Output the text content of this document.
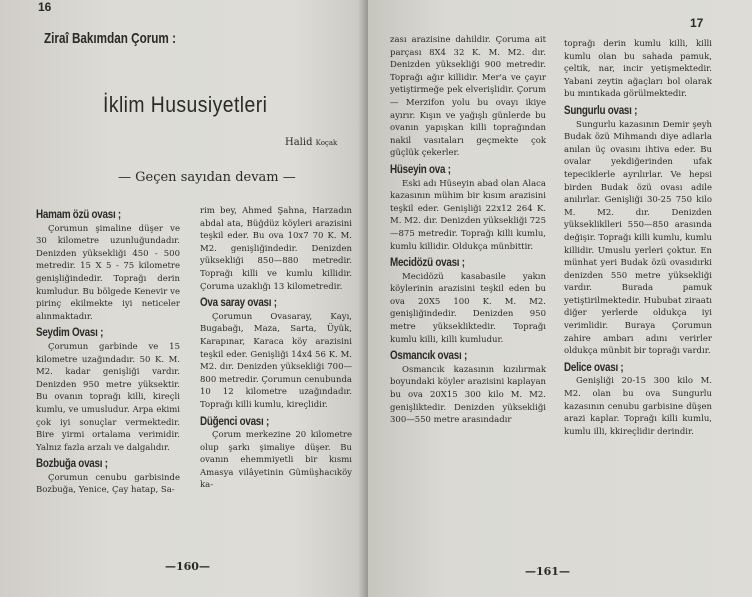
16
Ziraî Bakımdan Çorum :
İklim Hususiyetleri
Halid Koçak
— Geçen sayıdan devam —
Hamam özü ovası ;

Çorumun şimaline düşer ve 30 kilometre uzunluğundadır. Denizden yüksekliği 450 - 500 metredir. 15 X 5 - 75 kilometre genişliğindedir. Toprağı derin kumludur. Bu bölgede Kenevir ve pirinç ekilmekte iyi neticeler alınmaktadır.

Seydim Ovası ;

Çorumun garbinde ve 15 kilometre uzağındadır. 50 K. M. M2. kadar genişliği vardır. Denizden 950 metre yüksektir. Bu ovanın toprağı killi, kireçli kumlu, ve umusludur. Arpa ekimi çok iyi sonuçlar vermektedir. Bire yirmi ortalama verimidir. Yalnız fazla arzalı ve dalgalıdır.

Bozbuğa ovası ;

Çorumun cenubu garbisinde Bozbuğa, Yenice, Çay hatap, Sa-

rim bey, Ahmed Şahna, Harzadın abdal ata, Büğdüz köyleri arazisini teşkil eder. Bu ova 10x7 70 K. M. M2. genişliğindedir. Denizden yüksekliği 850—880 metredir. Toprağı killi ve kumlu killidir. Çoruma uzaklığı 13 kilometredir.

Ova saray ovası ;

Çorumun Ovasaray, Kayı, Bugabağı, Maza, Sarta, Üyük, Karapınar, Karaca köy arazisini teşkil eder. Genişliği 14x4 56 K. M. M2. dır. Denizden yüksekliği 700—800 metredir. Çorumun cenubunda 10 12 kilometre uzağındadır. Toprağı killi kumlu, kireçlidir.

Düğenci ovası ;

Çorum merkezine 20 kilometre olup şarkı şimaliye düşer. Bu ovanın ehemmiyetli bir kısmı Amasya vilâyetinin Gümüşhacıköy ka-

—160—
17

zası arazisine dahildir. Çoruma ait parçası 8X4 32 K. M. M2. dır. Denizden yüksekliği 900 metredir. Toprağı ağır killidir. Mer'a ve çayır yetiştirmeğe pek elverişlidir. Çorum — Merzifon yolu bu ovayı ikiye ayırır. Kışın ve yağışlı günlerde bu ovanın yapışkan killi toprağından nakil vasıtaları geçmekte çok güçlük çekerler.

Hüseyin ova ;

Eski adı Hüseyin abad olan Alaca kazasının mühim bir kısım arazisini teşkil eder. Genişliği 22x12 264 K. M. M2. dır. Denizden yüksekliği 725—875 metredir. Toprağı killi kumlu, kumlu killidir. Oldukça münbittir.

Mecidözü ovası ;

Mecidözü kasabasile yakın köylerinin arazisini teşkil eden bu ova 20X5 100 K. M. M2. genişliğindedir. Denizden 950 metre yüksekliktedir. Toprağı kumlu killi, killi kumludur.

Osmancık ovası ;

Osmancık kazasının kızılırmak boyundaki köyler arazisini kaplayan bu ova 20X15 300 kilo M. M2. genişliktedir. Denizden yüksekliği 300—550 metre arasındadır

toprağı derin kumlu killi, killi kumlu olan bu sahada pamuk, çeltik, nar, incir yetişmektedir. Yabani zeytin ağaçları bol olarak bu mıntıkada görülmektedir.

Sungurlu ovası ;

Sungurlu kazasının Demir şeyh Budak özü Mihmandı diye adlarla anılan üç ovasını ihtiva eder. Bu ovalar yekdiğerinden ufak tepeciklerle ayrılırlar. Ve hepsi birden Budak özü ovası adile anılırlar. Genişliği 30-25 750 kilo M. M2. dır. Denizden yüksekliklleri 550—850 arasında değişir. Toprağı killi kumlu, kumlu killidir. Umuslu yerleri çoktur. En münhat yeri Budak özü ovasıdırki denizden 550 metre yüksekliği vardır. Burada pamuk yetiştirilmektedir. Hububat ziraatı diğer yerlerde oldukça iyi verimlidir. Buraya Çorumun zahire ambarı adını verirler oldukça münbit bir toprağı vardır.

Delice ovası ;

Genişliği 20-15 300 kilo M. M2. olan bu ova Sungurlu kazasının cenubu garbisine düşen arazi kaplar. Toprağı killi kumlu, kumlu illi, kkireçlidir derindir.

—161—
